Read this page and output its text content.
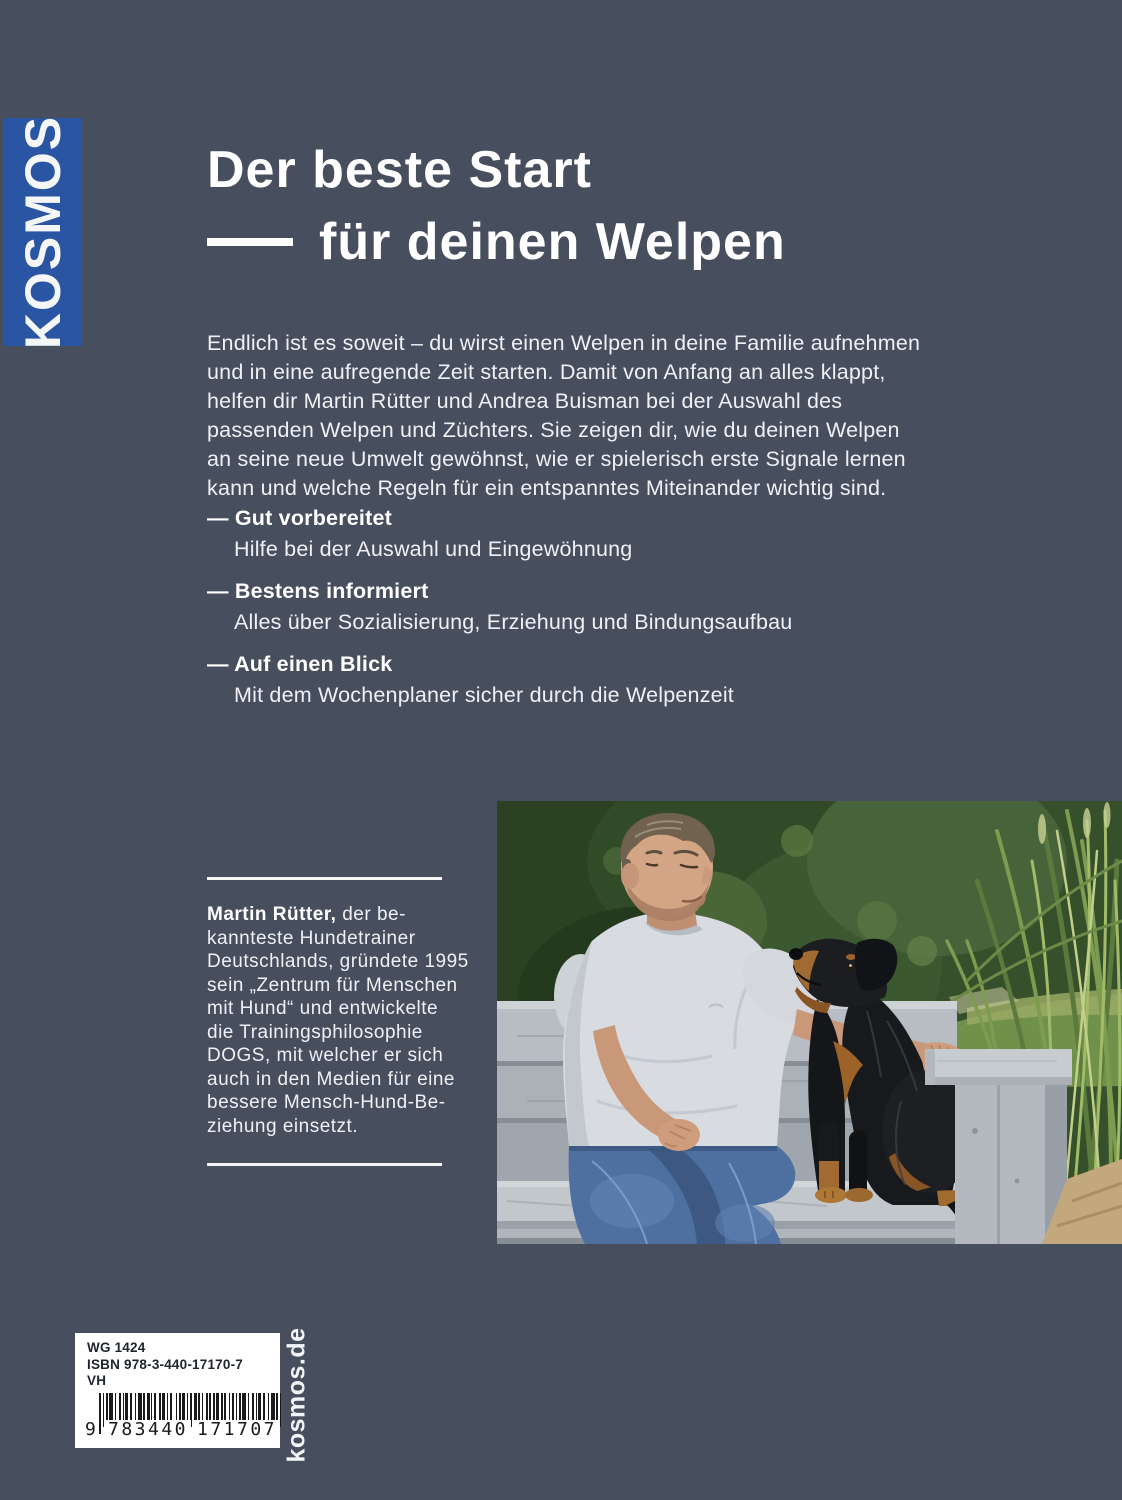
KOSMOS	Der beste Start
für deinen Welpen
Endlich ist es soweit – du wirst einen Welpen in deine Familie aufnehmen
und in eine aufregende Zeit starten. Damit von Anfang an alles klappt,
helfen dir Martin Rütter und Andrea Buisman bei der Auswahl des
passenden Welpen und Züchters. Sie zeigen dir, wie du deinen Welpen
an seine neue Umwelt gewöhnst, wie er spielerisch erste Signale lernen
kann und welche Regeln für ein entspanntes Miteinander wichtig sind.
— Gut vorbereitet
Hilfe bei der Auswahl und Eingewöhnung
— Bestens informiert
Alles über Sozialisierung, Erziehung und Bindungsaufbau
— Auf einen Blick
Mit dem Wochenplaner sicher durch die Welpenzeit
Martin Rütter, der be-
kannteste Hundetrainer
Deutschlands, gründete 1995
sein „Zentrum für Menschen
mit Hund“ und entwickelte
die Trainingsphilosophie
DOGS, mit welcher er sich
auch in den Medien für eine
bessere Mensch-Hund-Be-
ziehung einsetzt.
WG 1424
ISBN 978-3-440-17170-7
VH
9 783440 171707 kosmos.de
